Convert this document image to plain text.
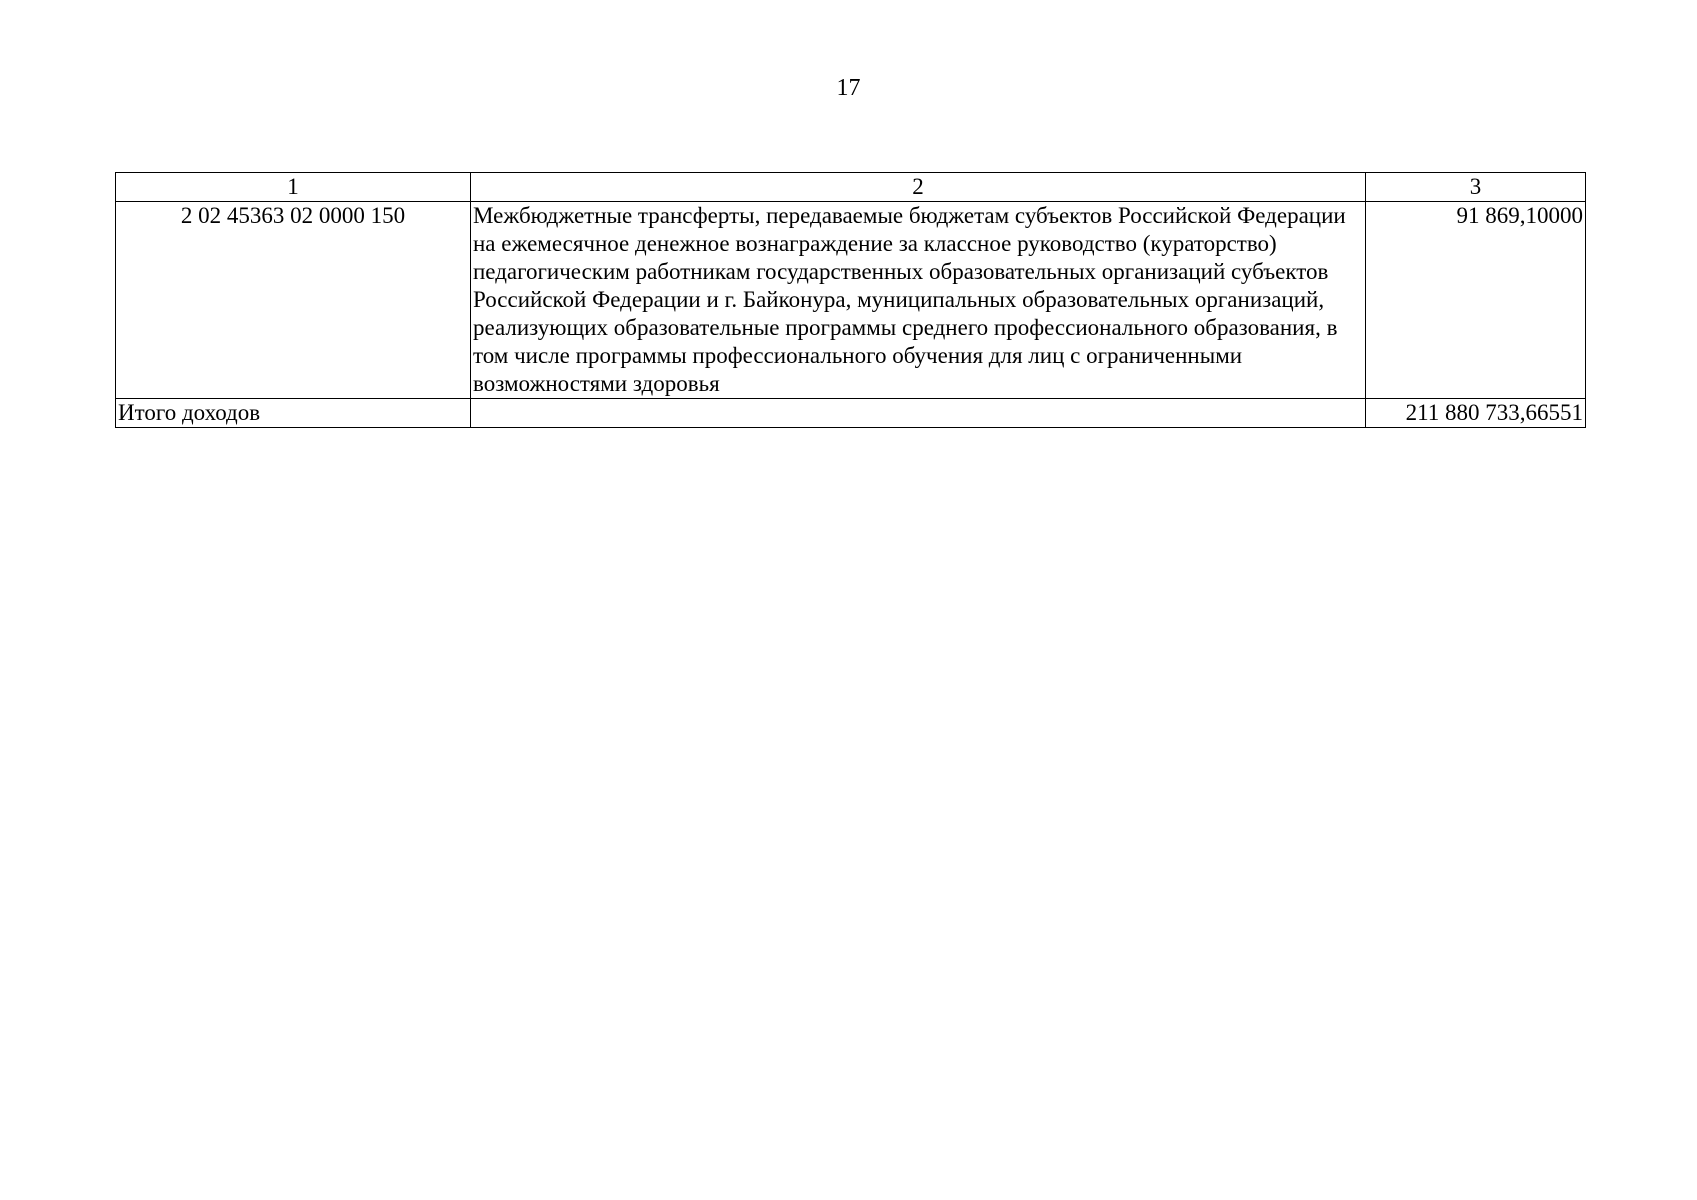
17
1	2	3
2 02 45363 02 0000 150	Межбюджетные трансферты, передаваемые бюджетам субъектов Российской Федерации на ежемесячное денежное вознаграждение за классное руководство (кураторство) педагогическим работникам государственных образовательных организаций субъектов Российской Федерации и г. Байконура, муниципальных образовательных организаций, реализующих образовательные программы среднего профессионального образования, в том числе программы профессионального обучения для лиц с ограниченными возможностями здоровья	91 869,10000
Итого доходов		211 880 733,66551
